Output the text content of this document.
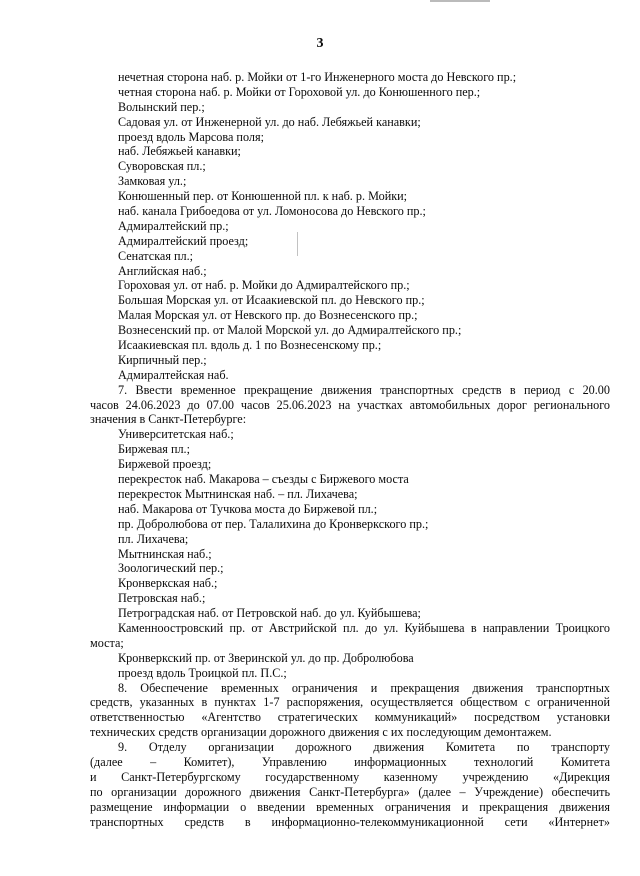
3
нечетная сторона наб. р. Мойки от 1-го Инженерного моста до Невского пр.;
четная сторона наб. р. Мойки от Гороховой ул. до Конюшенного пер.;
Волынский пер.;
Садовая ул. от Инженерной ул. до наб. Лебяжьей канавки;
проезд вдоль Марсова поля;
наб. Лебяжьей канавки;
Суворовская пл.;
Замковая ул.;
Конюшенный пер. от Конюшенной пл. к наб. р. Мойки;
наб. канала Грибоедова от ул. Ломоносова до Невского пр.;
Адмиралтейский пр.;
Адмиралтейский проезд;
Сенатская пл.;
Английская наб.;
Гороховая ул. от наб. р. Мойки до Адмиралтейского пр.;
Большая Морская ул. от Исаакиевской пл. до Невского пр.;
Малая Морская ул. от Невского пр. до Вознесенского пр.;
Вознесенский пр. от Малой Морской ул. до Адмиралтейского пр.;
Исаакиевская пл. вдоль д. 1 по Вознесенскому пр.;
Кирпичный пер.;
Адмиралтейская наб.
7. Ввести временное прекращение движения транспортных средств в период с 20.00
часов 24.06.2023 до 07.00 часов 25.06.2023 на участках автомобильных дорог регионального
значения в Санкт-Петербурге:
Университетская наб.;
Биржевая пл.;
Биржевой проезд;
перекресток наб. Макарова – съезды с Биржевого моста
перекресток Мытнинская наб. – пл. Лихачева;
наб. Макарова от Тучкова моста до Биржевой пл.;
пр. Добролюбова от пер. Талалихина до Кронверкского пр.;
пл. Лихачева;
Мытнинская наб.;
Зоологический пер.;
Кронверкская наб.;
Петровская наб.;
Петроградская наб. от Петровской наб. до ул. Куйбышева;
Каменноостровский пр. от Австрийской пл. до ул. Куйбышева в направлении Троицкого
моста;
Кронверкский пр. от Зверинской ул. до пр. Добролюбова
проезд вдоль Троицкой пл. П.С.;
8. Обеспечение временных ограничения и прекращения движения транспортных
средств, указанных в пунктах 1-7 распоряжения, осуществляется обществом с ограниченной
ответственностью «Агентство стратегических коммуникаций» посредством установки
технических средств организации дорожного движения с их последующим демонтажем.
9. Отделу организации дорожного движения Комитета по транспорту
(далее – Комитет), Управлению информационных технологий Комитета
и Санкт-Петербургскому государственному казенному учреждению «Дирекция
по организации дорожного движения Санкт-Петербурга» (далее – Учреждение) обеспечить
размещение информации о введении временных ограничения и прекращения движения
транспортных средств в информационно-телекоммуникационной сети «Интернет»
